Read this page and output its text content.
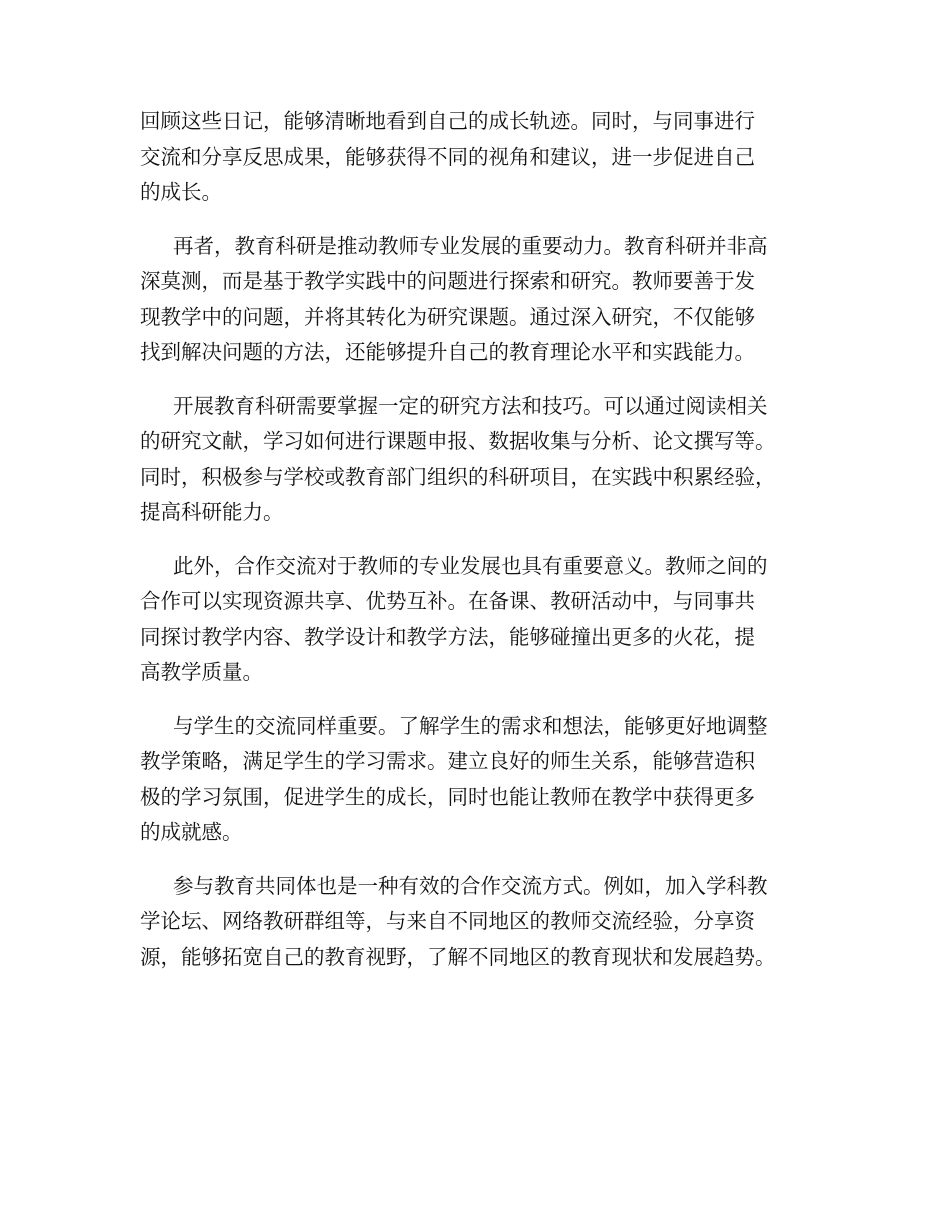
回顾这些日记，能够清晰地看到自己的成长轨迹。同时，与同事进行
交流和分享反思成果，能够获得不同的视角和建议，进一步促进自己
的成长。
再者，教育科研是推动教师专业发展的重要动力。教育科研并非高
深莫测，而是基于教学实践中的问题进行探索和研究。教师要善于发
现教学中的问题，并将其转化为研究课题。通过深入研究，不仅能够
找到解决问题的方法，还能够提升自己的教育理论水平和实践能力。
开展教育科研需要掌握一定的研究方法和技巧。可以通过阅读相关
的研究文献，学习如何进行课题申报、数据收集与分析、论文撰写等。
同时，积极参与学校或教育部门组织的科研项目，在实践中积累经验，
提高科研能力。
此外，合作交流对于教师的专业发展也具有重要意义。教师之间的
合作可以实现资源共享、优势互补。在备课、教研活动中，与同事共
同探讨教学内容、教学设计和教学方法，能够碰撞出更多的火花，提
高教学质量。
与学生的交流同样重要。了解学生的需求和想法，能够更好地调整
教学策略，满足学生的学习需求。建立良好的师生关系，能够营造积
极的学习氛围，促进学生的成长，同时也能让教师在教学中获得更多
的成就感。
参与教育共同体也是一种有效的合作交流方式。例如，加入学科教
学论坛、网络教研群组等，与来自不同地区的教师交流经验，分享资
源，能够拓宽自己的教育视野，了解不同地区的教育现状和发展趋势。
